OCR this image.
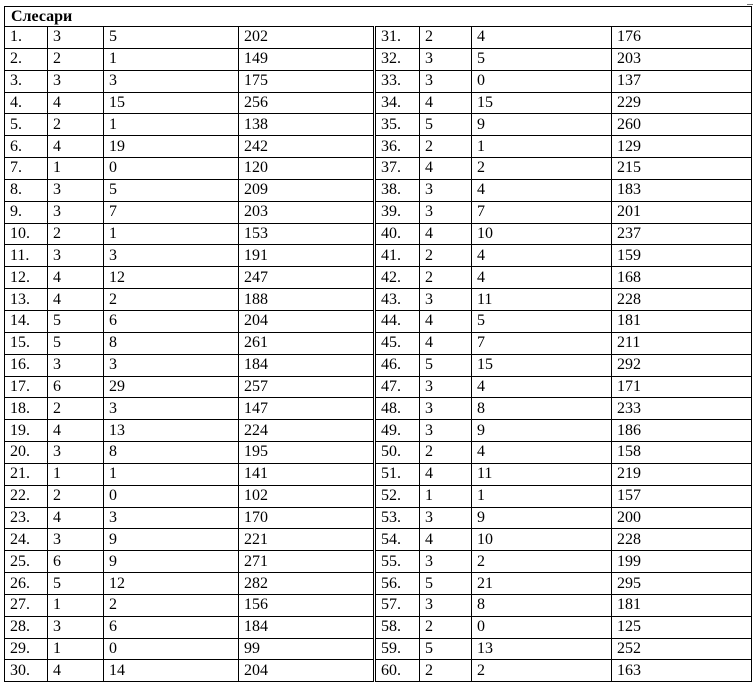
Слесари							
1.	3	5	202	31.	2	4	176
2.	2	1	149	32.	3	5	203
3.	3	3	175	33.	3	0	137
4.	4	15	256	34.	4	15	229
5.	2	1	138	35.	5	9	260
6.	4	19	242	36.	2	1	129
7.	1	0	120	37.	4	2	215
8.	3	5	209	38.	3	4	183
9.	3	7	203	39.	3	7	201
10.	2	1	153	40.	4	10	237
11.	3	3	191	41.	2	4	159
12.	4	12	247	42.	2	4	168
13.	4	2	188	43.	3	11	228
14.	5	6	204	44.	4	5	181
15.	5	8	261	45.	4	7	211
16.	3	3	184	46.	5	15	292
17.	6	29	257	47.	3	4	171
18.	2	3	147	48.	3	8	233
19.	4	13	224	49.	3	9	186
20.	3	8	195	50.	2	4	158
21.	1	1	141	51.	4	11	219
22.	2	0	102	52.	1	1	157
23.	4	3	170	53.	3	9	200
24.	3	9	221	54.	4	10	228
25.	6	9	271	55.	3	2	199
26.	5	12	282	56.	5	21	295
27.	1	2	156	57.	3	8	181
28.	3	6	184	58.	2	0	125
29.	1	0	99	59.	5	13	252
30.	4	14	204	60.	2	2	163
